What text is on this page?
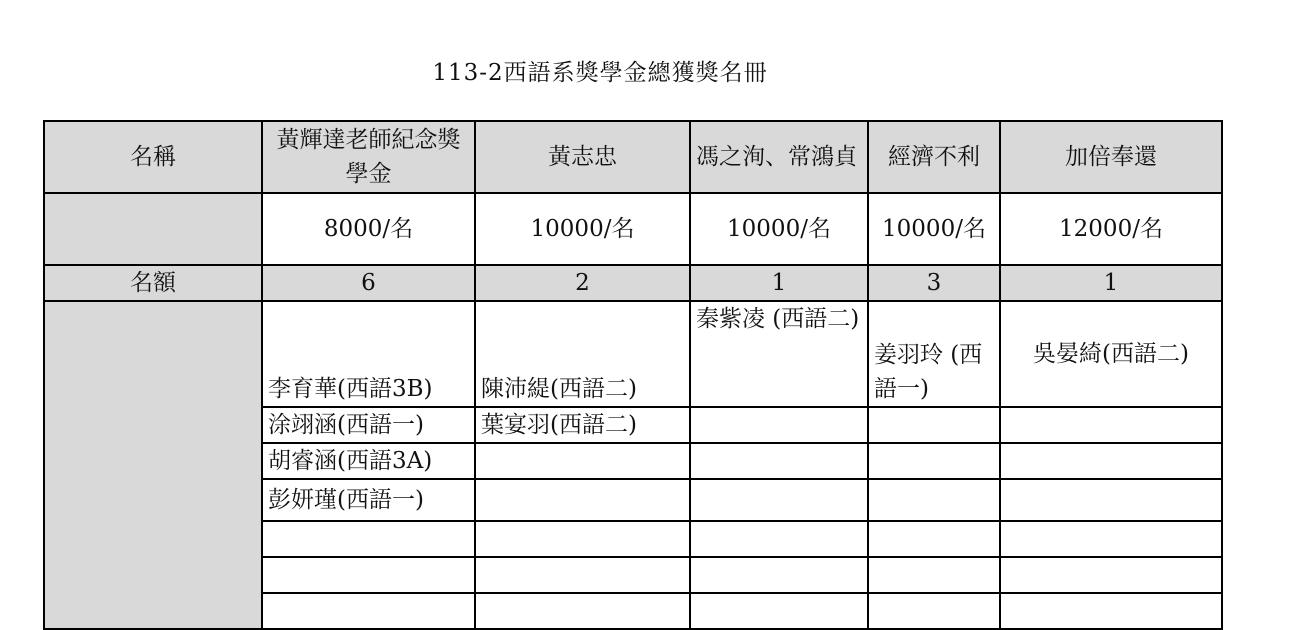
113-2西語系獎學金總獲獎名冊
名稱	黃輝達老師紀念獎學金	黃志忠	馮之洵、常鴻貞	經濟不利	加倍奉還
	8000/名	10000/名	10000/名	10000/名	12000/名
名額	6	2	1	3	1
	李育華(西語3B)	陳沛緹(西語二)	秦紫凌 (西語二)	姜羽玲 (西語一)	吳晏綺(西語二)
	涂翊涵(西語一)	葉宴羽(西語二)			
	胡睿涵(西語3A)				
	彭妍瑾(西語一)				
